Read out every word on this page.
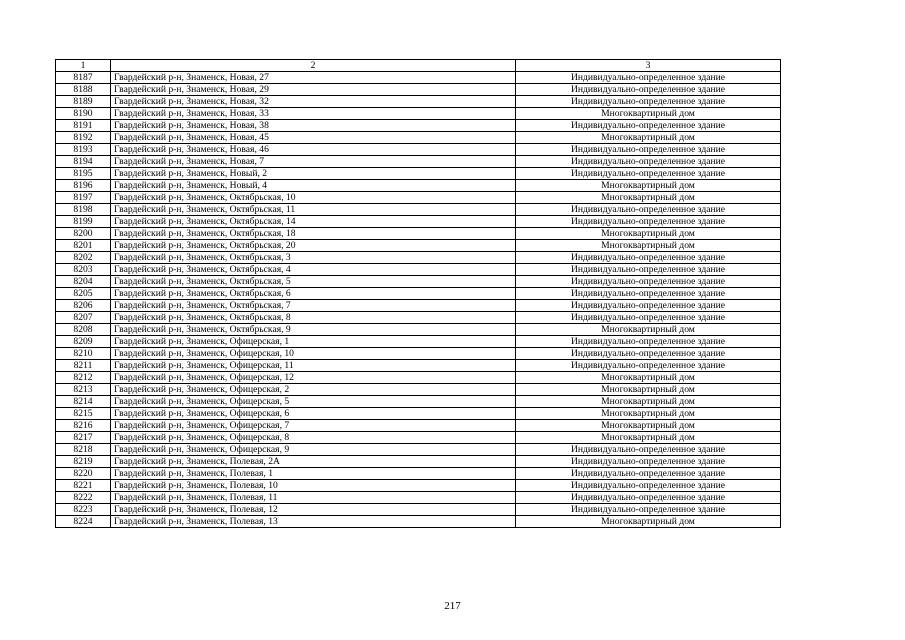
1	2	3
8187	Гвардейский р-н, Знаменск, Новая, 27	Индивидуально-определенное здание
8188	Гвардейский р-н, Знаменск, Новая, 29	Индивидуально-определенное здание
8189	Гвардейский р-н, Знаменск, Новая, 32	Индивидуально-определенное здание
8190	Гвардейский р-н, Знаменск, Новая, 33	Многоквартирный дом
8191	Гвардейский р-н, Знаменск, Новая, 38	Индивидуально-определенное здание
8192	Гвардейский р-н, Знаменск, Новая, 45	Многоквартирный дом
8193	Гвардейский р-н, Знаменск, Новая, 46	Индивидуально-определенное здание
8194	Гвардейский р-н, Знаменск, Новая, 7	Индивидуально-определенное здание
8195	Гвардейский р-н, Знаменск, Новый, 2	Индивидуально-определенное здание
8196	Гвардейский р-н, Знаменск, Новый, 4	Многоквартирный дом
8197	Гвардейский р-н, Знаменск, Октябрьская, 10	Многоквартирный дом
8198	Гвардейский р-н, Знаменск, Октябрьская, 11	Индивидуально-определенное здание
8199	Гвардейский р-н, Знаменск, Октябрьская, 14	Индивидуально-определенное здание
8200	Гвардейский р-н, Знаменск, Октябрьская, 18	Многоквартирный дом
8201	Гвардейский р-н, Знаменск, Октябрьская, 20	Многоквартирный дом
8202	Гвардейский р-н, Знаменск, Октябрьская, 3	Индивидуально-определенное здание
8203	Гвардейский р-н, Знаменск, Октябрьская, 4	Индивидуально-определенное здание
8204	Гвардейский р-н, Знаменск, Октябрьская, 5	Индивидуально-определенное здание
8205	Гвардейский р-н, Знаменск, Октябрьская, 6	Индивидуально-определенное здание
8206	Гвардейский р-н, Знаменск, Октябрьская, 7	Индивидуально-определенное здание
8207	Гвардейский р-н, Знаменск, Октябрьская, 8	Индивидуально-определенное здание
8208	Гвардейский р-н, Знаменск, Октябрьская, 9	Многоквартирный дом
8209	Гвардейский р-н, Знаменск, Офицерская, 1	Индивидуально-определенное здание
8210	Гвардейский р-н, Знаменск, Офицерская, 10	Индивидуально-определенное здание
8211	Гвардейский р-н, Знаменск, Офицерская, 11	Индивидуально-определенное здание
8212	Гвардейский р-н, Знаменск, Офицерская, 12	Многоквартирный дом
8213	Гвардейский р-н, Знаменск, Офицерская, 2	Многоквартирный дом
8214	Гвардейский р-н, Знаменск, Офицерская, 5	Многоквартирный дом
8215	Гвардейский р-н, Знаменск, Офицерская, 6	Многоквартирный дом
8216	Гвардейский р-н, Знаменск, Офицерская, 7	Многоквартирный дом
8217	Гвардейский р-н, Знаменск, Офицерская, 8	Многоквартирный дом
8218	Гвардейский р-н, Знаменск, Офицерская, 9	Индивидуально-определенное здание
8219	Гвардейский р-н, Знаменск, Полевая, 2А	Индивидуально-определенное здание
8220	Гвардейский р-н, Знаменск, Полевая, 1	Индивидуально-определенное здание
8221	Гвардейский р-н, Знаменск, Полевая, 10	Индивидуально-определенное здание
8222	Гвардейский р-н, Знаменск, Полевая, 11	Индивидуально-определенное здание
8223	Гвардейский р-н, Знаменск, Полевая, 12	Индивидуально-определенное здание
8224	Гвардейский р-н, Знаменск, Полевая, 13	Многоквартирный дом
217
